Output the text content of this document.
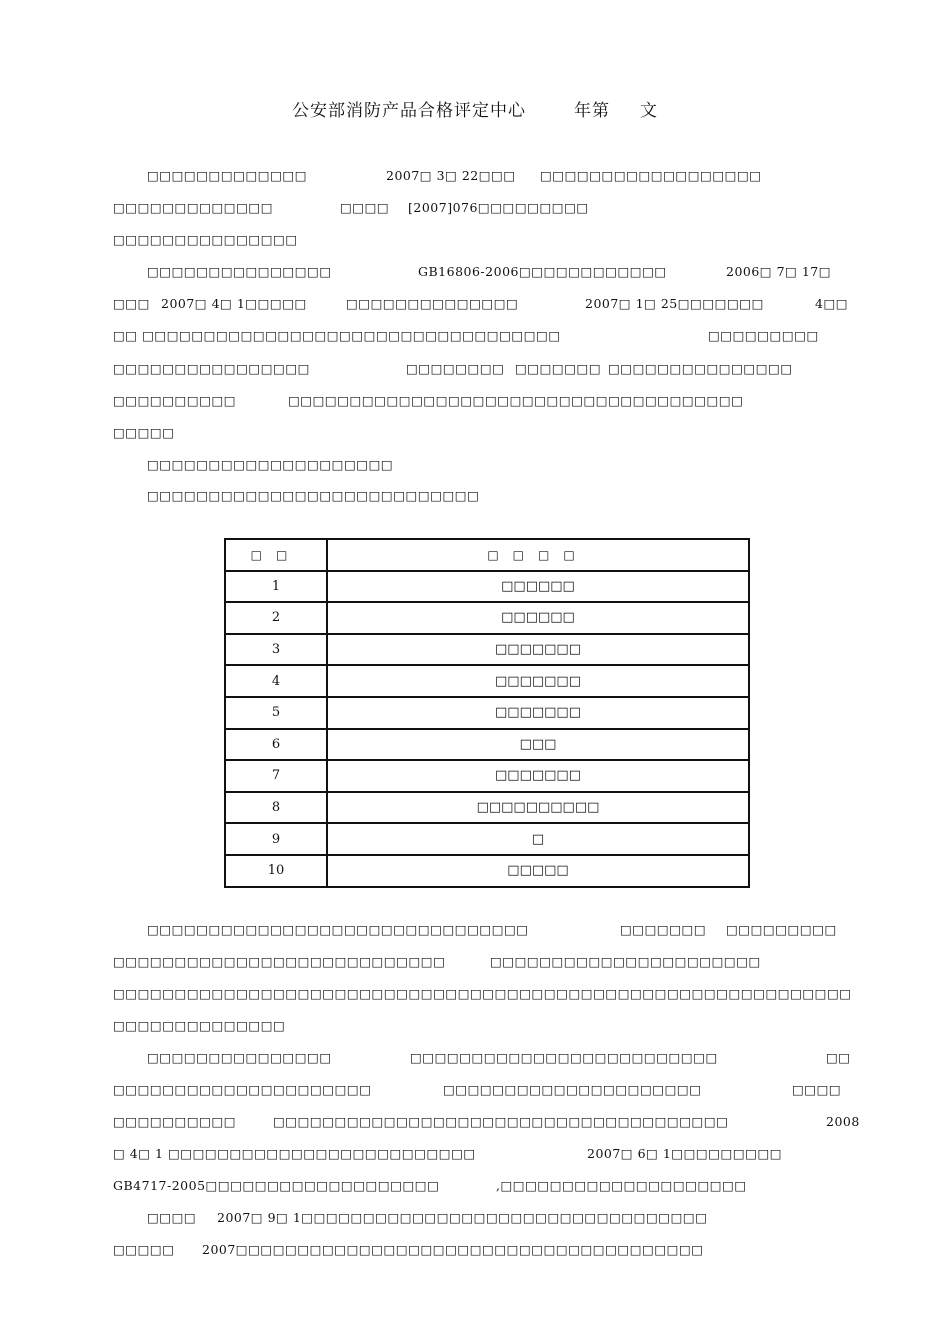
公安部消防产品合格评定中心	年第 文
□□□□□□□□□□□□□	2007□ 3□ 22□□□ □□□□□□□□□□□□□□□□□□
□□□□□□□□□□□□□	□□□□ [2007]076□□□□□□□□□
□□□□□□□□□□□□□□□
□□□□□□□□□□□□□□□	GB16806-2006□□□□□□□□□□□□	2006□ 7□ 17□
□□□ 2007□ 4□ 1□□□□□	□□□□□□□□□□□□□□	2007□ 1□ 25□□□□□□□	4□□
□□ □□□□□□□□□□□□□□□□□□□□□□□□□□□□□□□□□□	□□□□□□□□□
□□□□□□□□□□□□□□□□	□□□□□□□□ □□□□□□□ □□□□□□□□□□□□□□□
□□□□□□□□□□	□□□□□□□□□□□□□□□□□□□□□□□□□□□□□□□□□□□□□
□□□□□
□□□□□□□□□□□□□□□□□□□□
□□□□□□□□□□□□□□□□□□□□□□□□□□□
□□□□□□□□□□□□□□□□□□□□□□□□□□□□□□□	□□□□□□□ □□□□□□□□□
□□□□□□□□□□□□□□□□□□□□□□□□□□□	□□□□□□□□□□□□□□□□□□□□□□
□□□□□□□□□□□□□□□□□□□□□□□□□□□□□□□□□□□□□□□□□□□□□□□□□□□□□□□□□□□□
□□□□□□□□□□□□□□
□□□□□□□□□□□□□□□	□□□□□□□□□□□□□□□□□□□□□□□□□	□□
□□□□□□□□□□□□□□□□□□□□□	□□□□□□□□□□□□□□□□□□□□□	□□□□
□□□□□□□□□□	□□□□□□□□□□□□□□□□□□□□□□□□□□□□□□□□□□□□□	2008
□ 4□ 1 □□□□□□□□□□□□□□□□□□□□□□□□□	2007□ 6□ 1□□□□□□□□□
GB4717-2005□□□□□□□□□□□□□□□□□□□	,□□□□□□□□□□□□□□□□□□□□
□□□□ 2007□ 9□ 1□□□□□□□□□□□□□□□□□□□□□□□□□□□□□□□□□
□□□□□ 2007□□□□□□□□□□□□□□□□□□□□□□□□□□□□□□□□□□□□□□
□□	□□□□
1	□□□□□□
2	□□□□□□
3	□□□□□□□
4	□□□□□□□
5	□□□□□□□
6	□□□
7	□□□□□□□
8	□□□□□□□□□□
9	□
10	□□□□□
